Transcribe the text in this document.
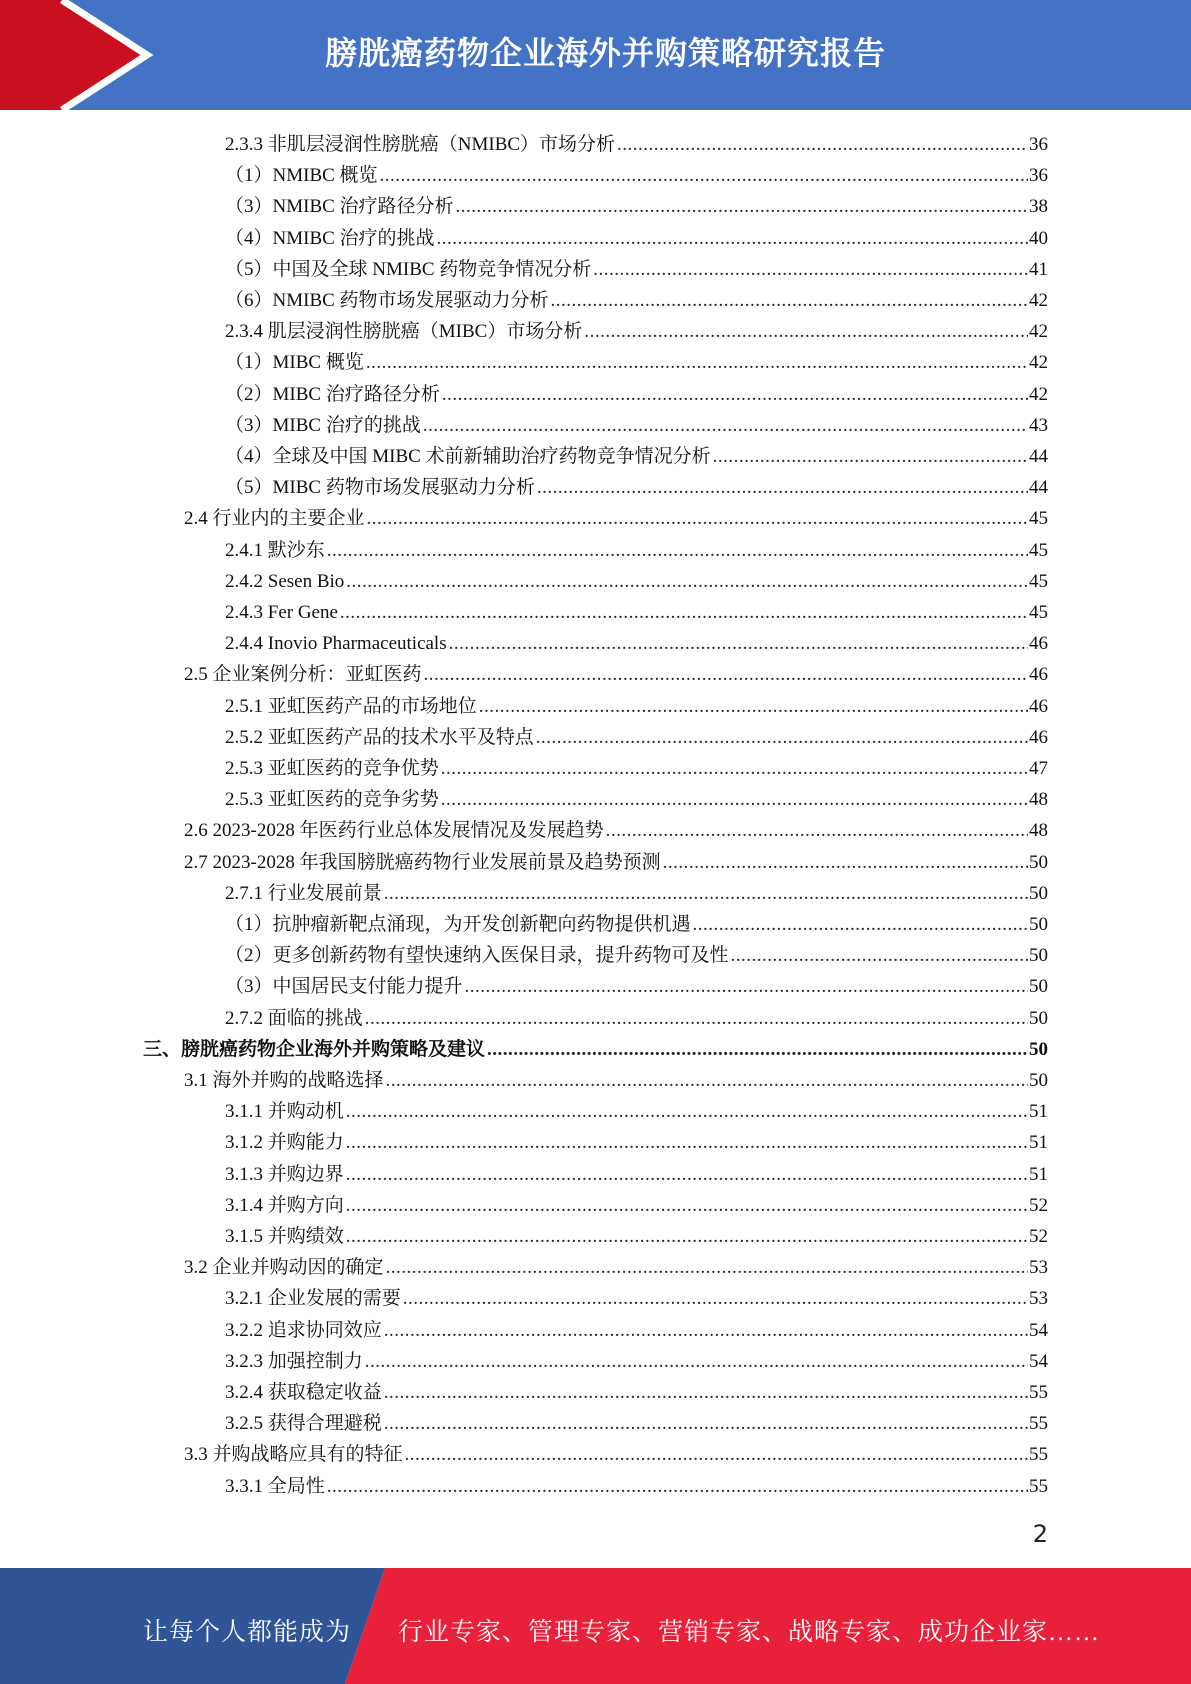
膀胱癌药物企业海外并购策略研究报告
2.3.3 非肌层浸润性膀胱癌（NMIBC）市场分析 .....	36
（1）NMIBC 概览 .....	36
（3）NMIBC 治疗路径分析 .....	38
（4）NMIBC 治疗的挑战 .....	40
（5）中国及全球 NMIBC 药物竞争情况分析 .....	41
（6）NMIBC 药物市场发展驱动力分析 .....	42
2.3.4 肌层浸润性膀胱癌（MIBC）市场分析 .....	42
（1）MIBC 概览 .....	42
（2）MIBC 治疗路径分析 .....	42
（3）MIBC 治疗的挑战 .....	43
（4）全球及中国 MIBC 术前新辅助治疗药物竞争情况分析 .....	44
（5）MIBC 药物市场发展驱动力分析 .....	44
2.4 行业内的主要企业 .....	45
2.4.1 默沙东 .....	45
2.4.2 Sesen Bio .....	45
2.4.3 Fer Gene .....	45
2.4.4 Inovio Pharmaceuticals .....	46
2.5 企业案例分析：亚虹医药 .....	46
2.5.1 亚虹医药产品的市场地位 .....	46
2.5.2 亚虹医药产品的技术水平及特点 .....	46
2.5.3 亚虹医药的竞争优势 .....	47
2.5.3 亚虹医药的竞争劣势 .....	48
2.6 2023-2028 年医药行业总体发展情况及发展趋势 .....	48
2.7 2023-2028 年我国膀胱癌药物行业发展前景及趋势预测 .....	50
2.7.1 行业发展前景 .....	50
（1）抗肿瘤新靶点涌现，为开发创新靶向药物提供机遇 .....	50
（2）更多创新药物有望快速纳入医保目录，提升药物可及性 .....	50
（3）中国居民支付能力提升 .....	50
2.7.2 面临的挑战 .....	50
三、膀胱癌药物企业海外并购策略及建议 .....	50
3.1 海外并购的战略选择 .....	50
3.1.1 并购动机 .....	51
3.1.2 并购能力 .....	51
3.1.3 并购边界 .....	51
3.1.4 并购方向 .....	52
3.1.5 并购绩效 .....	52
3.2 企业并购动因的确定 .....	53
3.2.1 企业发展的需要 .....	53
3.2.2 追求协同效应 .....	54
3.2.3 加强控制力 .....	54
3.2.4 获取稳定收益 .....	55
3.2.5 获得合理避税 .....	55
3.3 并购战略应具有的特征 .....	55
3.3.1 全局性 .....	55
2
让每个人都能成为 行业专家、管理专家、营销专家、战略专家、成功企业家……
